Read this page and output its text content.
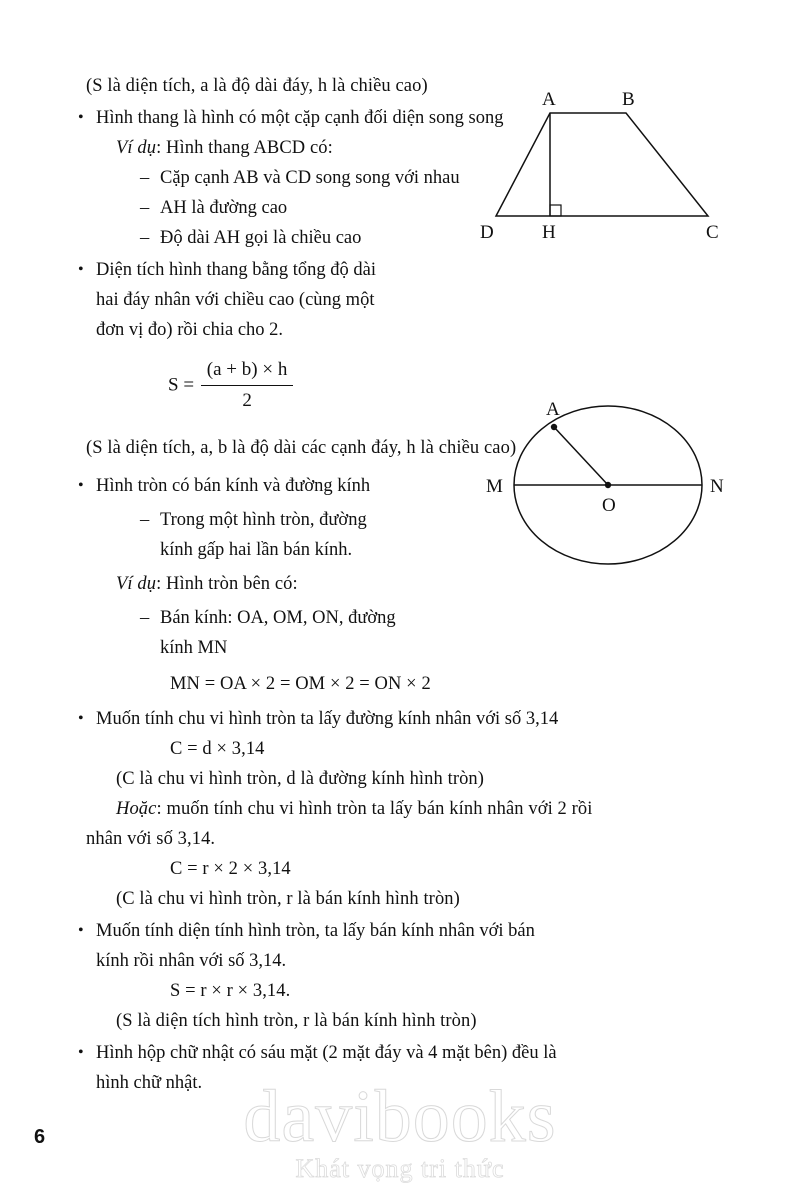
A	B
C
D	H
A
M	N
O
(S là diện tích, a là độ dài đáy, h là chiều cao)
• Hình thang là hình có một cặp cạnh đối diện song song
Ví dụ: Hình thang ABCD có:
– Cặp cạnh AB và CD song song với nhau
– AH là đường cao
– Độ dài AH gọi là chiều cao
• Diện tích hình thang bằng tổng độ dài
hai đáy nhân với chiều cao (cùng một
đơn vị đo) rồi chia cho 2.
$S = \frac{(a + b) \times h}{2}$
(S là diện tích, a, b là độ dài các cạnh đáy, h là chiều cao)
• Hình tròn có bán kính và đường kính
– Trong một hình tròn, đường
kính gấp hai lần bán kính.
Ví dụ: Hình tròn bên có:
– Bán kính: OA, OM, ON, đường
kính MN
MN = OA × 2 = OM × 2 = ON × 2
• Muốn tính chu vi hình tròn ta lấy đường kính nhân với số 3,14
C = d × 3,14
(C là chu vi hình tròn, d là đường kính hình tròn)
Hoặc: muốn tính chu vi hình tròn ta lấy bán kính nhân với 2 rồi
nhân với số 3,14.
C = r × 2 × 3,14
(C là chu vi hình tròn, r là bán kính hình tròn)
• Muốn tính diện tính hình tròn, ta lấy bán kính nhân với bán
kính rồi nhân với số 3,14.
S = r × r × 3,14.
(S là diện tích hình tròn, r là bán kính hình tròn)
• Hình hộp chữ nhật có sáu mặt (2 mặt đáy và 4 mặt bên) đều là
hình chữ nhật.
6	davibooks
Khát vọng tri thức
